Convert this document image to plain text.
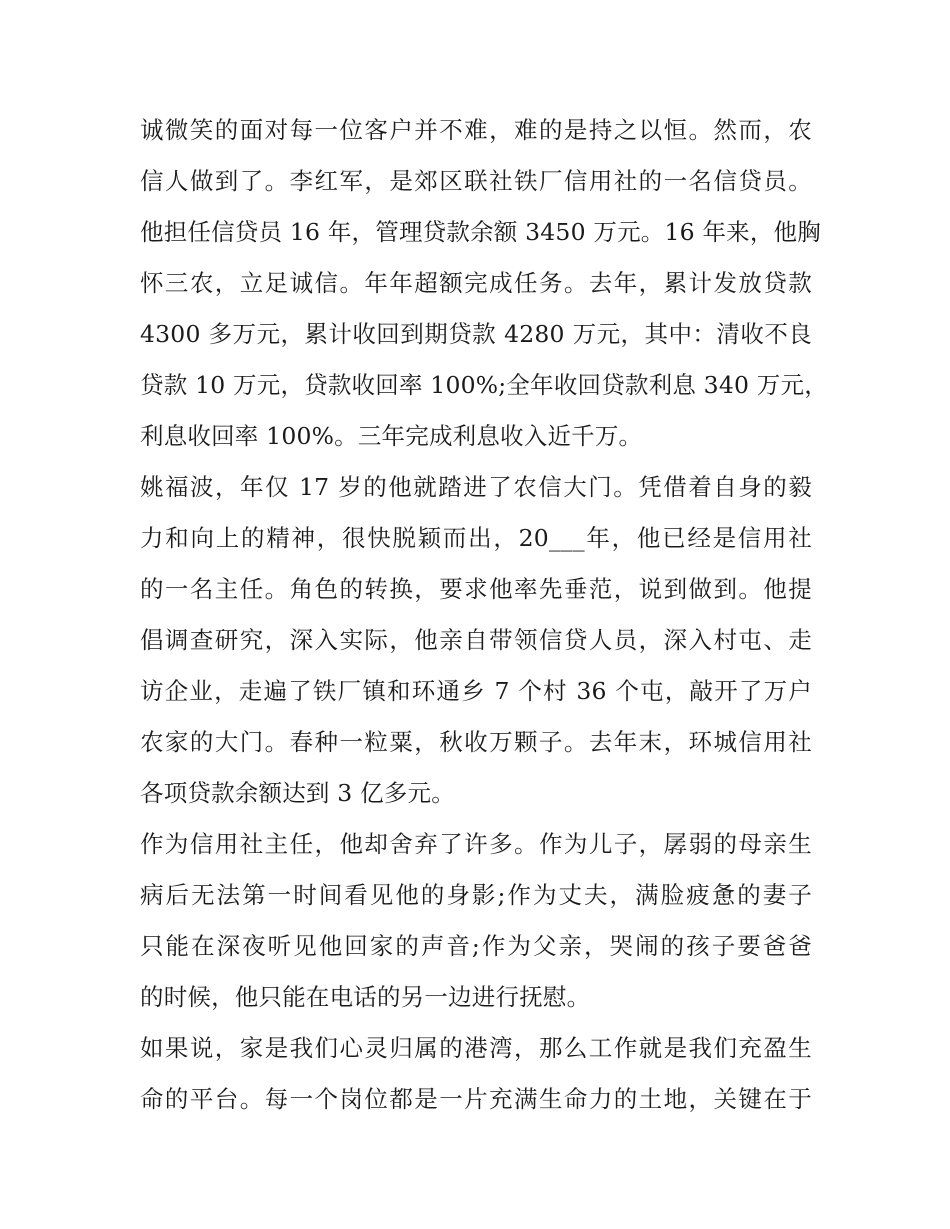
诚微笑的面对每一位客户并不难，难的是持之以恒。然而，农
信人做到了。李红军，是郊区联社铁厂信用社的一名信贷员。
他担任信贷员 16 年，管理贷款余额 3450 万元。16 年来，他胸
怀三农，立足诚信。年年超额完成任务。去年，累计发放贷款
4300 多万元，累计收回到期贷款 4280 万元，其中：清收不良
贷款 10 万元，贷款收回率 100%;全年收回贷款利息 340 万元，
利息收回率 100%。三年完成利息收入近千万。
姚福波，年仅 17 岁的他就踏进了农信大门。凭借着自身的毅
力和向上的精神，很快脱颖而出，20___年，他已经是信用社
的一名主任。角色的转换，要求他率先垂范，说到做到。他提
倡调查研究，深入实际，他亲自带领信贷人员，深入村屯、走
访企业，走遍了铁厂镇和环通乡 7 个村 36 个屯，敲开了万户
农家的大门。春种一粒粟，秋收万颗子。去年末，环城信用社
各项贷款余额达到 3 亿多元。
作为信用社主任，他却舍弃了许多。作为儿子，孱弱的母亲生
病后无法第一时间看见他的身影;作为丈夫，满脸疲惫的妻子
只能在深夜听见他回家的声音;作为父亲，哭闹的孩子要爸爸
的时候，他只能在电话的另一边进行抚慰。
如果说，家是我们心灵归属的港湾，那么工作就是我们充盈生
命的平台。每一个岗位都是一片充满生命力的土地，关键在于
